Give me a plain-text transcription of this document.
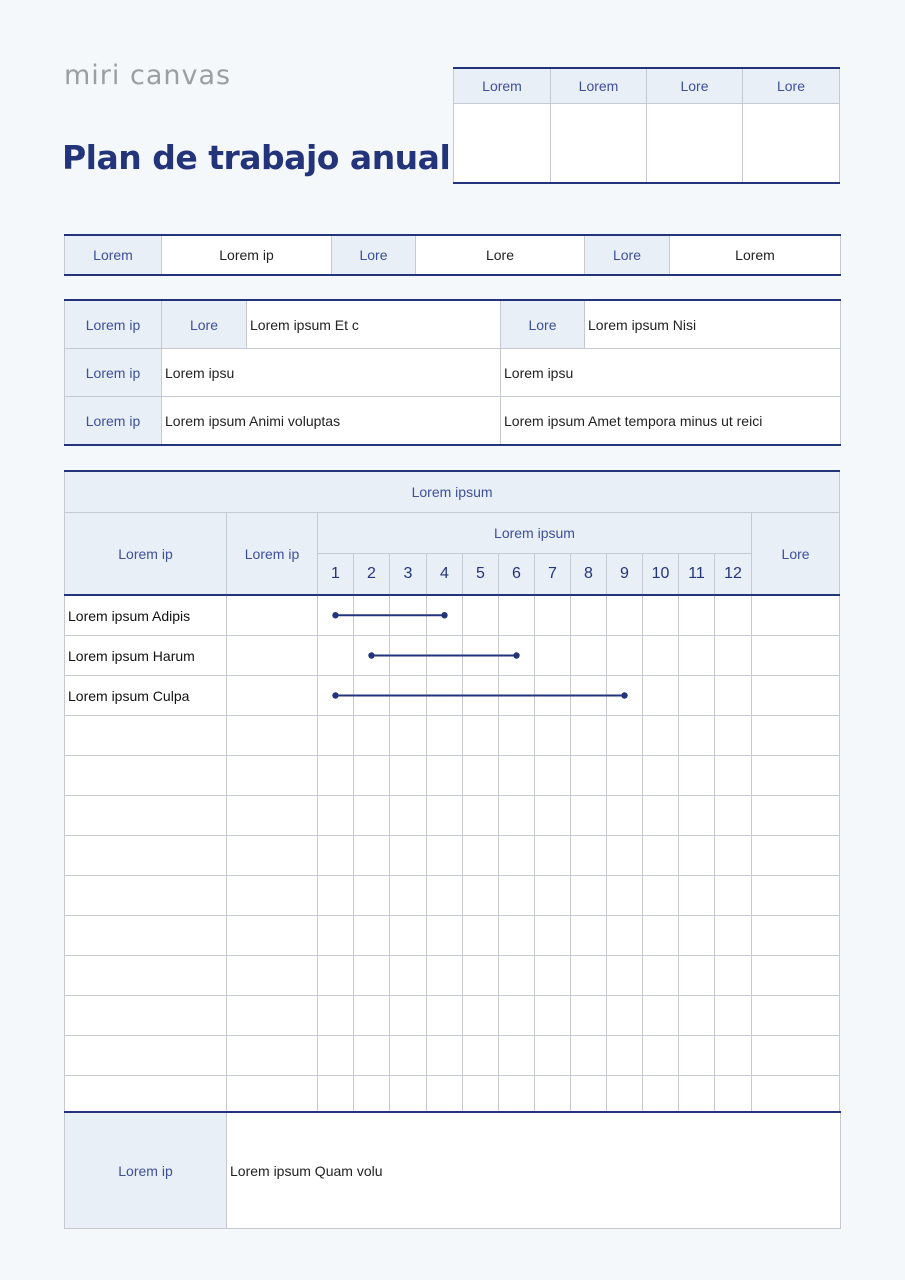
miri canvas
Plan de trabajo anual
Lorem	Lorem	Lore	Lore

Lorem	Lorem ip	Lore	Lore	Lore	Lorem
Lorem ip	Lore	Lorem ipsum Et c	Lore	Lorem ipsum Nisi
Lorem ip	Lorem ipsu		Lorem ipsu	
Lorem ip	Lorem ipsum Animi voluptas		Lorem ipsum Amet tempora minus ut reici	
Lorem ipsum														
Lorem ip	Lorem ip	Lorem ipsum												Lore
		1	2	3	4	5	6	7	8	9	10	11	12	
Lorem ipsum Adipis														
Lorem ipsum Harum														
Lorem ipsum Culpa														

Lorem ip	Lorem ipsum Quam volu
